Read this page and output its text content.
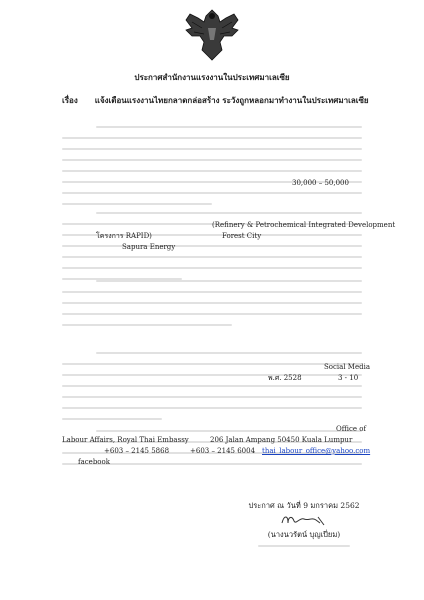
ประกาศสำนักงานแรงงานในประเทศมาเลเซีย
เรื่อง แจ้งเตือนแรงงานไทยกลาดกล่อสร้าง ระวังถูกหลอกมาทำงานในประเทศมาเลเซีย
30,000 – 50,000
(Refinery & Petrochemical Integrated Development
โครงการ RAPID)	Forest City
Sapura Energy
Social Media
พ.ศ. 2528	3 - 10
Office of
Labour Affairs, Royal Thai Embassy	206 Jalan Ampang 50450 Kuala Lumpur
+603 – 2145 5868	+603 – 2145 6004 thai_labour_office@yahoo.com
facebook
ประกาศ ณ วันที่ 9 มกราคม 2562
(นางนวรัตน์ บุญเปี่ยม)
